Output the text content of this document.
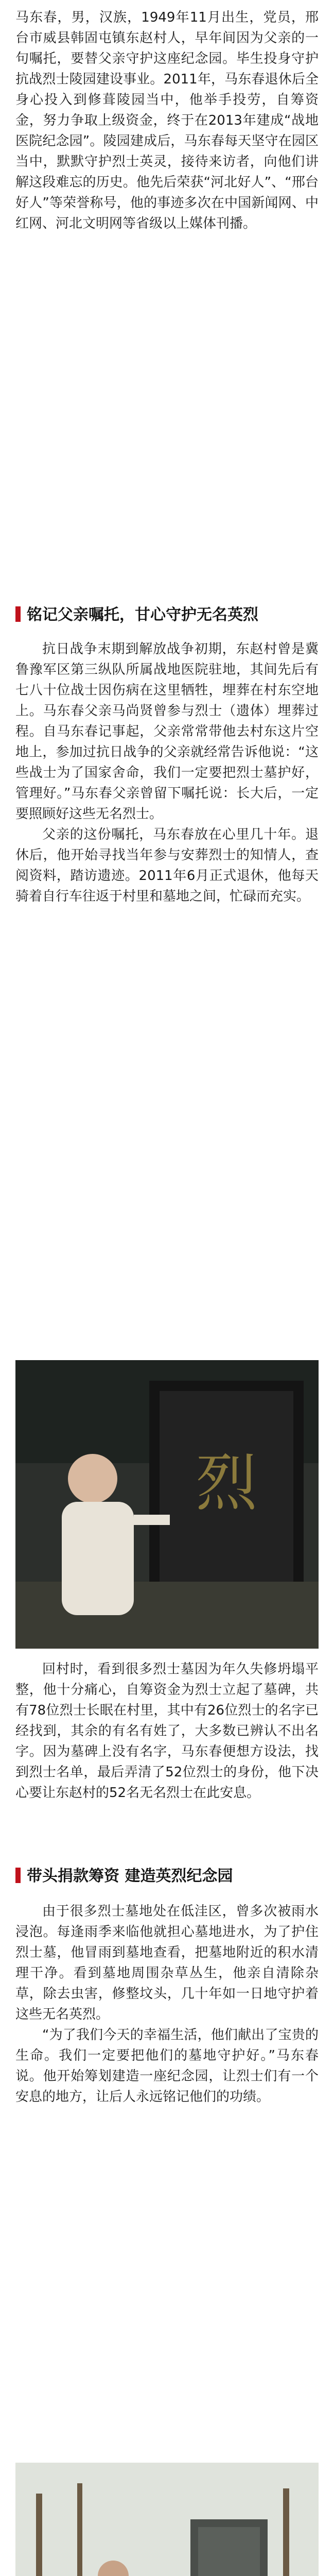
马东春，男，汉族，1949年11月出生，党员，邢台市威县韩固屯镇东赵村人，早年间因为父亲的一句嘱托，要替父亲守护这座纪念园。毕生投身守护抗战烈士陵园建设事业。2011年，马东春退休后全身心投入到修葺陵园当中，他举手投劳，自筹资金，努力争取上级资金，终于在2013年建成“战地医院纪念园”。陵园建成后，马东春每天坚守在园区当中，默默守护烈士英灵，接待来访者，向他们讲解这段难忘的历史。他先后荣获“河北好人”、“邢台好人”等荣誉称号，他的事迹多次在中国新闻网、中红网、河北文明网等省级以上媒体刊播。

铭记父亲嘱托，甘心守护无名英烈

抗日战争末期到解放战争初期，东赵村曾是冀鲁豫军区第三纵队所属战地医院驻地，其间先后有七八十位战士因伤病在这里牺牲，埋葬在村东空地上。马东春父亲马尚贤曾参与烈士（遗体）埋葬过程。自马东春记事起，父亲常常带他去村东这片空地上，参加过抗日战争的父亲就经常告诉他说：“这些战士为了国家舍命，我们一定要把烈士墓护好，管理好。”马东春父亲曾留下嘱托说：长大后，一定要照顾好这些无名烈士。

父亲的这份嘱托，马东春放在心里几十年。退休后，他开始寻找当年参与安葬烈士的知情人，查阅资料，踏访遗迹。2011年6月正式退休，他每天骑着自行车往返于村里和墓地之间，忙碌而充实。

烈

回村时，看到很多烈士墓因为年久失修坍塌平整，他十分痛心，自筹资金为烈士立起了墓碑，共有78位烈士长眠在村里，其中有26位烈士的名字已经找到，其余的有名有姓了，大多数已辨认不出名字。因为墓碑上没有名字，马东春便想方设法，找到烈士名单，最后弄清了52位烈士的身份，他下决心要让东赵村的52名无名烈士在此安息。

带头捐款筹资 建造英烈纪念园

由于很多烈士墓地处在低洼区，曾多次被雨水浸泡。每逢雨季来临他就担心墓地进水，为了护住烈士墓，他冒雨到墓地查看，把墓地附近的积水清理干净。看到墓地周围杂草丛生，他亲自清除杂草，除去虫害，修整坟头，几十年如一日地守护着这些无名英烈。

“为了我们今天的幸福生活，他们献出了宝贵的生命。我们一定要把他们的墓地守护好。”马东春说。他开始筹划建造一座纪念园，让烈士们有一个安息的地方，让后人永远铭记他们的功绩。
